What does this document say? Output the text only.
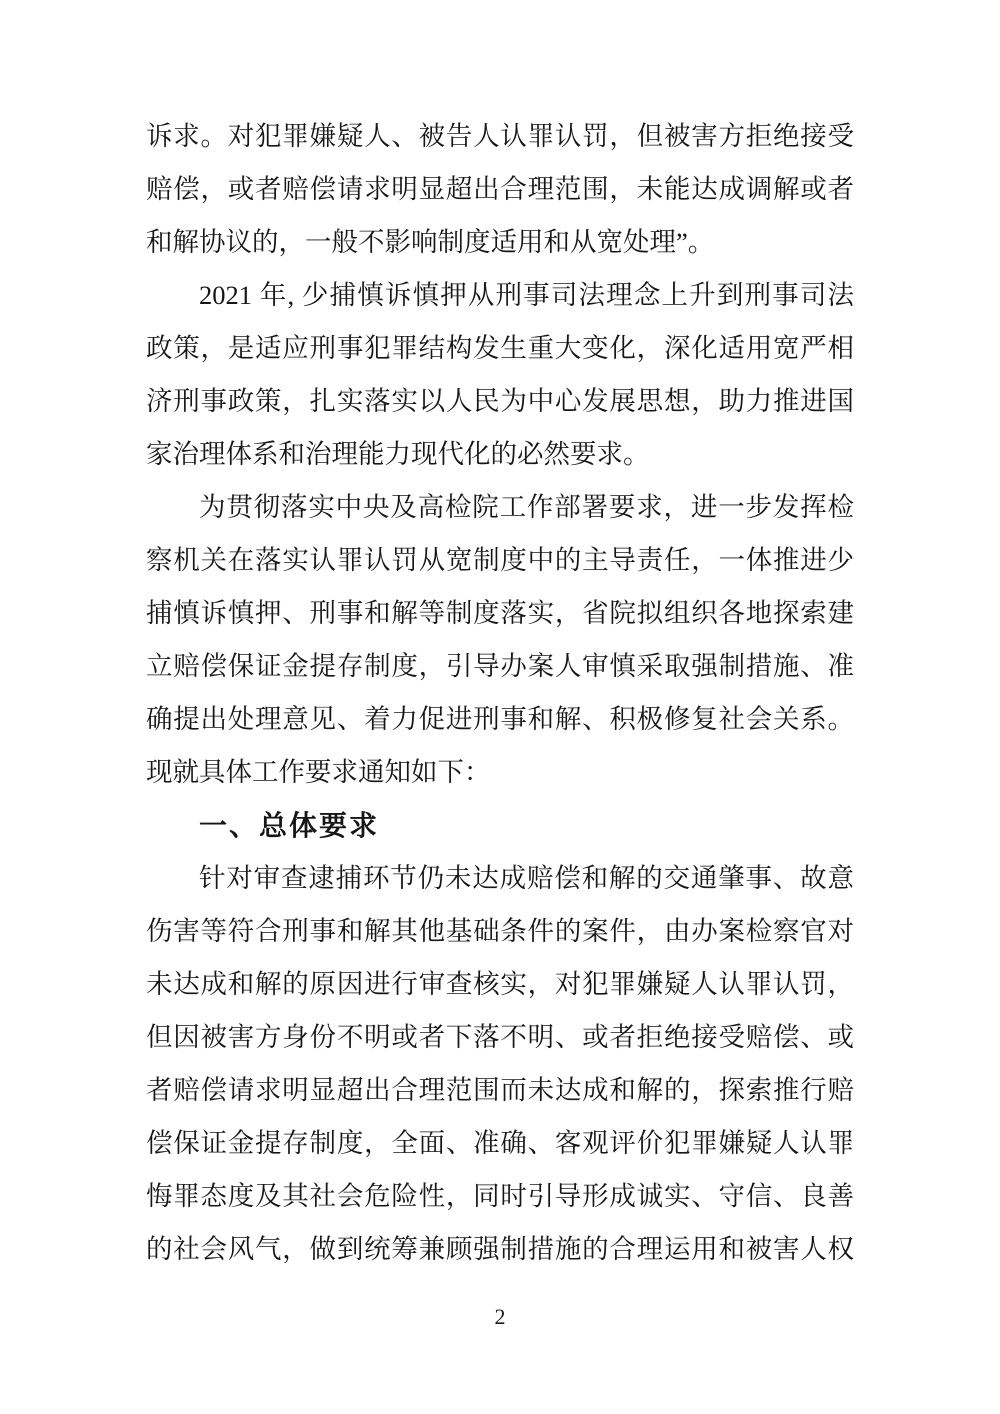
诉求。对犯罪嫌疑人、被告人认罪认罚，但被害方拒绝接受
赔偿，或者赔偿请求明显超出合理范围，未能达成调解或者
和解协议的，一般不影响制度适用和从宽处理”。
2021 年, 少捕慎诉慎押从刑事司法理念上升到刑事司法
政策，是适应刑事犯罪结构发生重大变化，深化适用宽严相
济刑事政策，扎实落实以人民为中心发展思想，助力推进国
家治理体系和治理能力现代化的必然要求。
为贯彻落实中央及高检院工作部署要求，进一步发挥检
察机关在落实认罪认罚从宽制度中的主导责任，一体推进少
捕慎诉慎押、刑事和解等制度落实，省院拟组织各地探索建
立赔偿保证金提存制度，引导办案人审慎采取强制措施、准
确提出处理意见、着力促进刑事和解、积极修复社会关系。
现就具体工作要求通知如下：
一、总体要求
针对审查逮捕环节仍未达成赔偿和解的交通肇事、故意
伤害等符合刑事和解其他基础条件的案件，由办案检察官对
未达成和解的原因进行审查核实，对犯罪嫌疑人认罪认罚，
但因被害方身份不明或者下落不明、或者拒绝接受赔偿、或
者赔偿请求明显超出合理范围而未达成和解的，探索推行赔
偿保证金提存制度，全面、准确、客观评价犯罪嫌疑人认罪
悔罪态度及其社会危险性，同时引导形成诚实、守信、良善
的社会风气，做到统筹兼顾强制措施的合理运用和被害人权
2
